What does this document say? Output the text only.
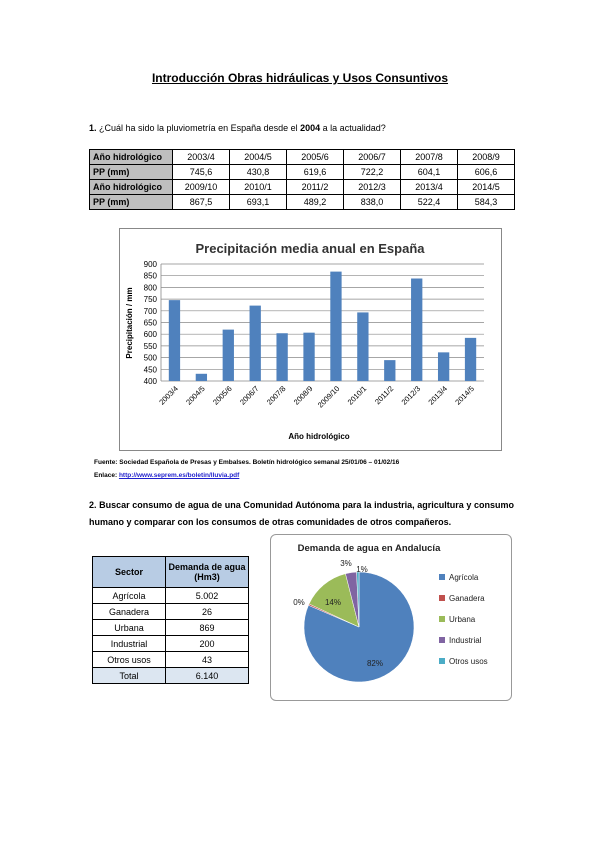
Introducción Obras hidráulicas y Usos Consuntivos
1. ¿Cuál ha sido la pluviometría en España desde el 2004 a la actualidad?
Año hidrológico	2003/4	2004/5	2005/6	2006/7	2007/8	2008/9
PP (mm)	745,6	430,8	619,6	722,2	604,1	606,6
Año hidrológico	2009/10	2010/1	2011/2	2012/3	2013/4	2014/5
PP (mm)	867,5	693,1	489,2	838,0	522,4	584,3
Precipitación media anual en España
400
450
500
550
600
650
700
750
800
850
900
2003/4 2004/5 2005/6 2006/7 2007/8 2008/9 2009/10 2010/1 2011/2 2012/3 2013/4 2014/5
Año hidrológico
Precipitación / mm
Fuente: Sociedad Española de Presas y Embalses. Boletín hidrológico semanal 25/01/06 – 01/02/16
Enlace: http://www.seprem.es/boletin/lluvia.pdf
2. Buscar consumo de agua de una Comunidad Autónoma para la industria, agricultura y consumo humano y comparar con los consumos de otras comunidades de otros compañeros.
Sector	Demanda de agua (Hm3)
Agrícola	5.002
Ganadera	26
Urbana	869
Industrial	200
Otros usos	43
Total	6.140
Demanda de agua en Andalucía
82%
0%	14%
3%
1%
Agrícola
Ganadera
Urbana
Industrial
Otros usos
